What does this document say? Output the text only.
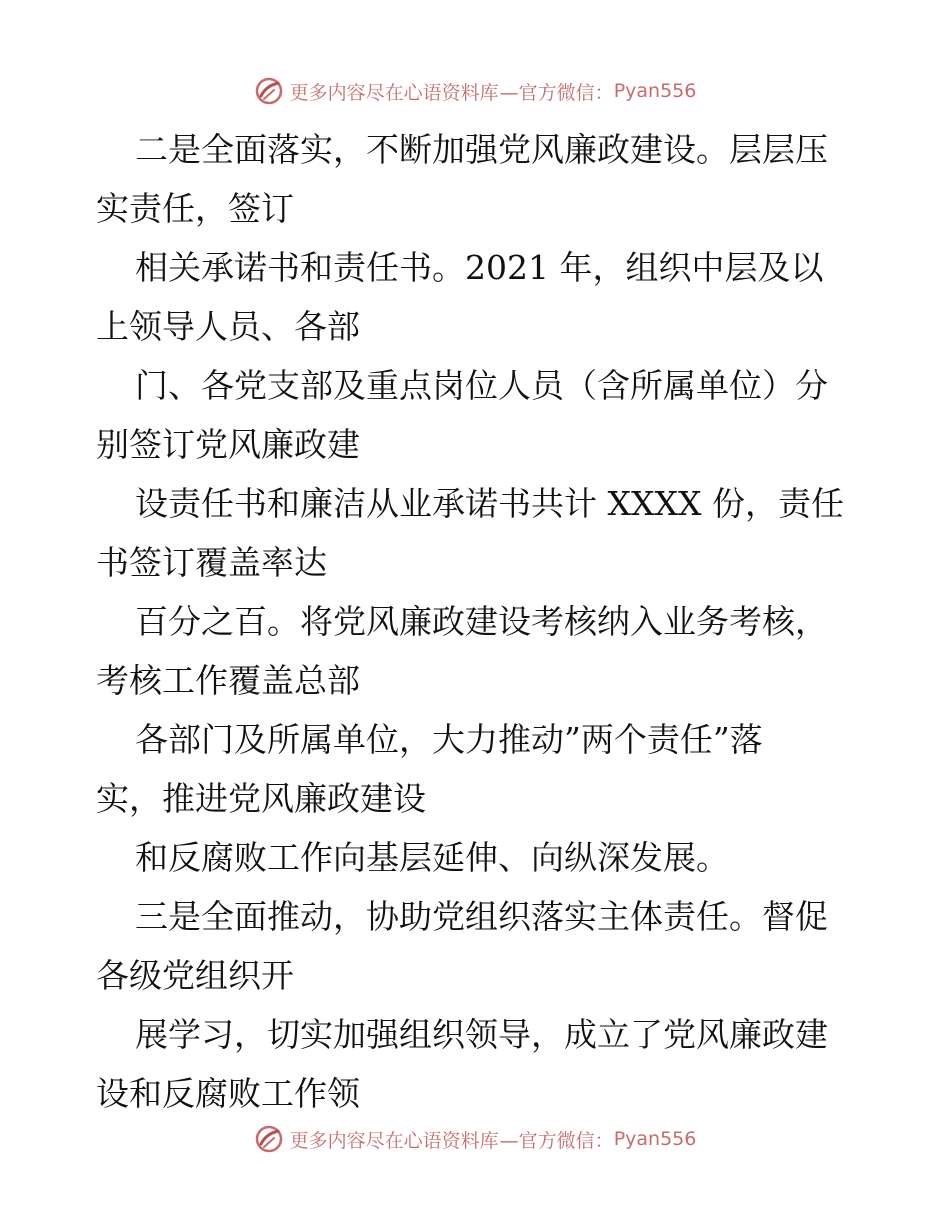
更多内容尽在心语资料库 —官方微信： Pyan556
二是全面落实，不断加强党风廉政建设。层层压
实责任，签订
相关承诺书和责任书。2021 年，组织中层及以
上领导人员、各部
门、各党支部及重点岗位人员（含所属单位）分
别签订党风廉政建
设责任书和廉洁从业承诺书共计 XXXX 份，责任
书签订覆盖率达
百分之百。将党风廉政建设考核纳入业务考核，
考核工作覆盖总部
各部门及所属单位，大力推动”两个责任”落
实，推进党风廉政建设
和反腐败工作向基层延伸、向纵深发展。
三是全面推动，协助党组织落实主体责任。督促
各级党组织开
展学习，切实加强组织领导，成立了党风廉政建
设和反腐败工作领
更多内容尽在心语资料库 —官方微信： Pyan556
